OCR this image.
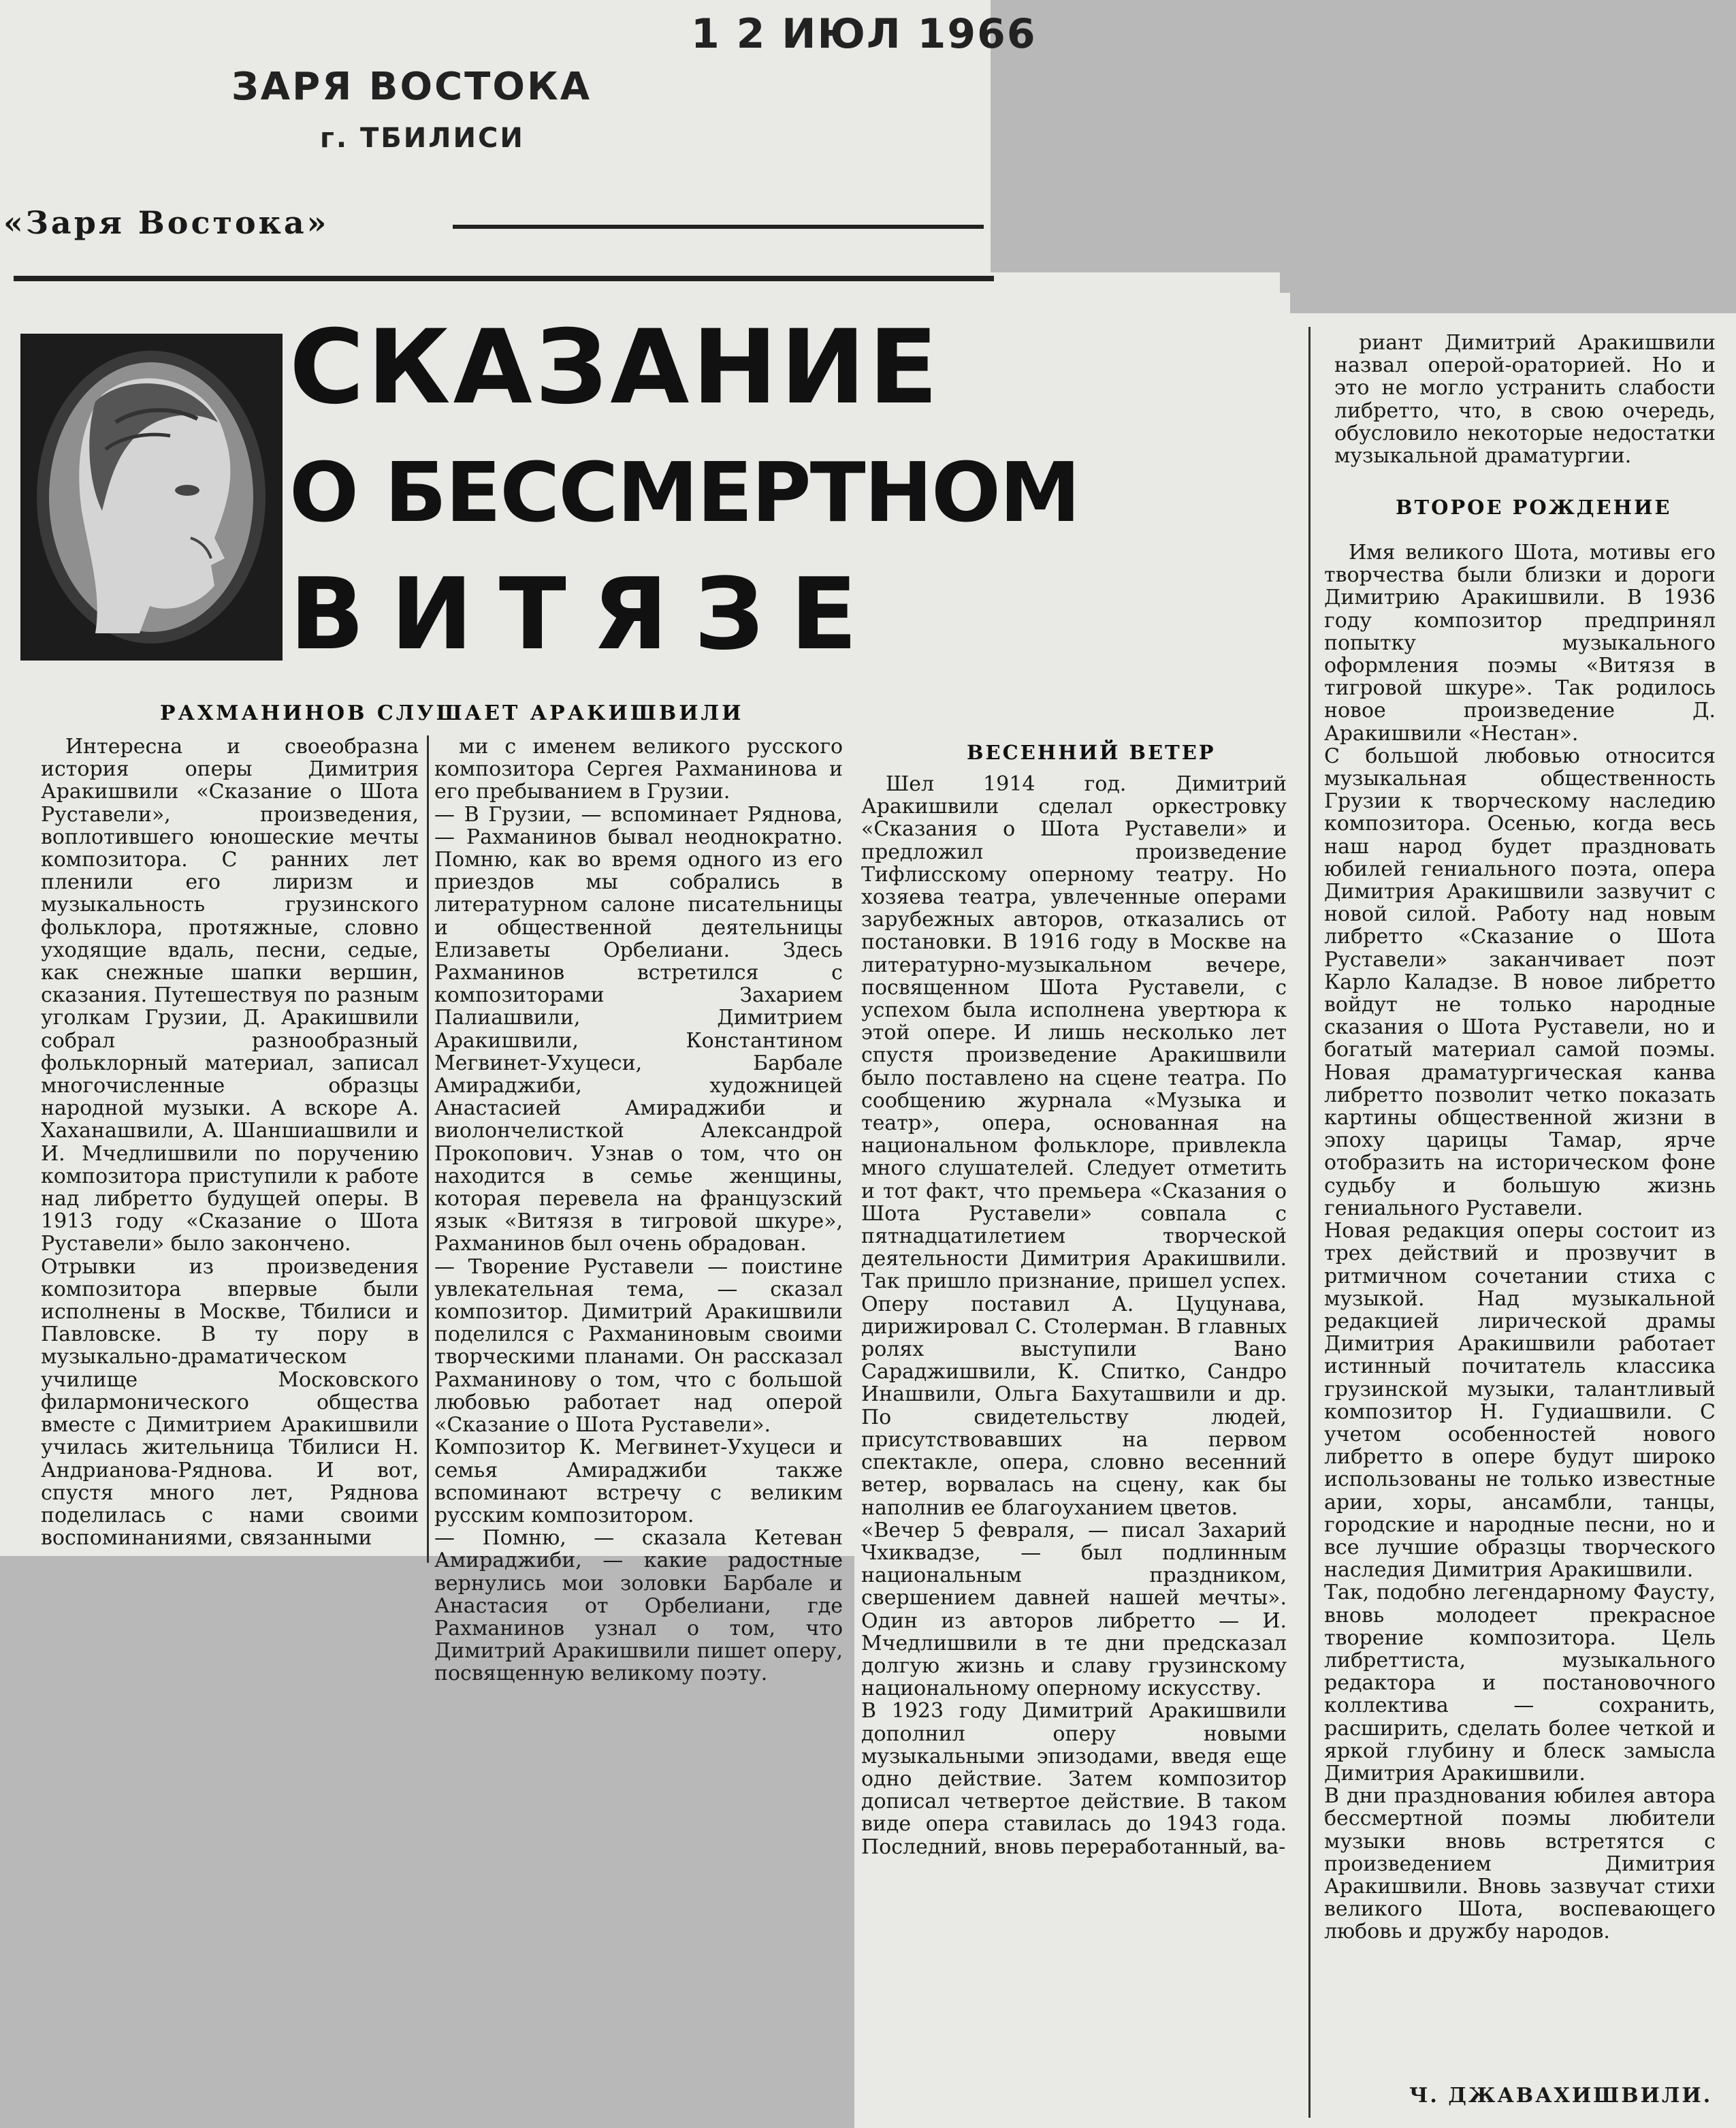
1 2 ИЮЛ 1966

ЗАРЯ ВОСТОКА

г. ТБИЛИСИ

«Заря Востока»

СКАЗАНИЕ
О БЕССМЕРТНОМ
ВИТЯЗЕ
РАХМАНИНОВ СЛУШАЕТ АРАКИШВИЛИ
ВЕСЕННИЙ ВЕТЕР
ВТОРОЕ РОЖДЕНИЕ

Интересна и своеобразна история оперы Димитрия Аракишвили «Сказание о Шота Руставели», произведения, воплотившего юношеские мечты композитора. С ранних лет пленили его лиризм и музыкальность грузинского фольклора, протяжные, словно уходящие вдаль, песни, седые, как снежные шапки вершин, сказания. Путешествуя по разным уголкам Грузии, Д. Аракишвили собрал разнообразный фольклорный материал, записал многочисленные образцы народной музыки. А вскоре А. Хаханашвили, А. Шаншиашвили и И. Мчедлишвили по поручению композитора приступили к работе над либретто будущей оперы. В 1913 году «Сказание о Шота Руставели» было закончено.
Отрывки из произведения композитора впервые были исполнены в Москве, Тбилиси и Павловске. В ту пору в музыкально-драматическом училище Московского филармонического общества вместе с Димитрием Аракишвили училась жительница Тбилиси Н. Андрианова-Ряднова. И вот, спустя много лет, Ряднова поделилась с нами своими воспоминаниями, связанными

ми с именем великого русского композитора Сергея Рахманинова и его пребыванием в Грузии.
— В Грузии, — вспоминает Ряднова, — Рахманинов бывал неоднократно. Помню, как во время одного из его приездов мы собрались в литературном салоне писательницы и общественной деятельницы Елизаветы Орбелиани. Здесь Рахманинов встретился с композиторами Захарием Палиашвили, Димитрием Аракишвили, Константином Мегвинет-Ухуцеси, Барбале Амираджиби, художницей Анастасией Амираджиби и виолончелисткой Александрой Прокопович. Узнав о том, что он находится в семье женщины, которая перевела на французский язык «Витязя в тигровой шкуре», Рахманинов был очень обрадован.
— Творение Руставели — поистине увлекательная тема, — сказал композитор. Димитрий Аракишвили поделился с Рахманиновым своими творческими планами. Он рассказал Рахманинову о том, что с большой любовью работает над оперой «Сказание о Шота Руставели».
Композитор К. Мегвинет-Ухуцеси и семья Амираджиби также вспоминают встречу с великим русским композитором.
— Помню, — сказала Кетеван Амираджиби, — какие радостные вернулись мои золовки Барбале и Анастасия от Орбелиани, где Рахманинов узнал о том, что Димитрий Аракишвили пишет оперу, посвященную великому поэту.

Шел 1914 год. Димитрий Аракишвили сделал оркестровку «Сказания о Шота Руставели» и предложил произведение Тифлисскому оперному театру. Но хозяева театра, увлеченные операми зарубежных авторов, отказались от постановки. В 1916 году в Москве на литературно-музыкальном вечере, посвященном Шота Руставели, с успехом была исполнена увертюра к этой опере. И лишь несколько лет спустя произведение Аракишвили было поставлено на сцене театра. По сообщению журнала «Музыка и театр», опера, основанная на национальном фольклоре, привлекла много слушателей. Следует отметить и тот факт, что премьера «Сказания о Шота Руставели» совпала с пятнадцатилетием творческой деятельности Димитрия Аракишвили. Так пришло признание, пришел успех. Оперу поставил А. Цуцунава, дирижировал С. Столерман. В главных ролях выступили Вано Сараджишвили, К. Спитко, Сандро Инашвили, Ольга Бахуташвили и др. По свидетельству людей, присутствовавших на первом спектакле, опера, словно весенний ветер, ворвалась на сцену, как бы наполнив ее благоуханием цветов.
«Вечер 5 февраля, — писал Захарий Чхиквадзе, — был подлинным национальным праздником, свершением давней нашей мечты». Один из авторов либретто — И. Мчедлишвили в те дни предсказал долгую жизнь и славу грузинскому национальному оперному искусству.
В 1923 году Димитрий Аракишвили дополнил оперу новыми музыкальными эпизодами, введя еще одно действие. Затем композитор дописал четвертое действие. В таком виде опера ставилась до 1943 года. Последний, вновь переработанный, ва-

риант Димитрий Аракишвили назвал оперой-ораторией. Но и это не могло устранить слабости либретто, что, в свою очередь, обусловило некоторые недостатки музыкальной драматургии.

Имя великого Шота, мотивы его творчества были близки и дороги Димитрию Аракишвили. В 1936 году композитор предпринял попытку музыкального оформления поэмы «Витязя в тигровой шкуре». Так родилось новое произведение Д. Аракишвили «Нестан».
С большой любовью относится музыкальная общественность Грузии к творческому наследию композитора. Осенью, когда весь наш народ будет праздновать юбилей гениального поэта, опера Димитрия Аракишвили зазвучит с новой силой. Работу над новым либретто «Сказание о Шота Руставели» заканчивает поэт Карло Каладзе. В новое либретто войдут не только народные сказания о Шота Руставели, но и богатый материал самой поэмы. Новая драматургическая канва либретто позволит четко показать картины общественной жизни в эпоху царицы Тамар, ярче отобразить на историческом фоне судьбу и большую жизнь гениального Руставели.
Новая редакция оперы состоит из трех действий и прозвучит в ритмичном сочетании стиха с музыкой. Над музыкальной редакцией лирической драмы Димитрия Аракишвили работает истинный почитатель классика грузинской музыки, талантливый композитор Н. Гудиашвили. С учетом особенностей нового либретто в опере будут широко использованы не только известные арии, хоры, ансамбли, танцы, городские и народные песни, но и все лучшие образцы творческого наследия Димитрия Аракишвили.
Так, подобно легендарному Фаусту, вновь молодеет прекрасное творение композитора. Цель либреттиста, музыкального редактора и постановочного коллектива — сохранить, расширить, сделать более четкой и яркой глубину и блеск замысла Димитрия Аракишвили.
В дни празднования юбилея автора бессмертной поэмы любители музыки вновь встретятся с произведением Димитрия Аракишвили. Вновь зазвучат стихи великого Шота, воспевающего любовь и дружбу народов.

Ч. ДЖАВАХИШВИЛИ.
